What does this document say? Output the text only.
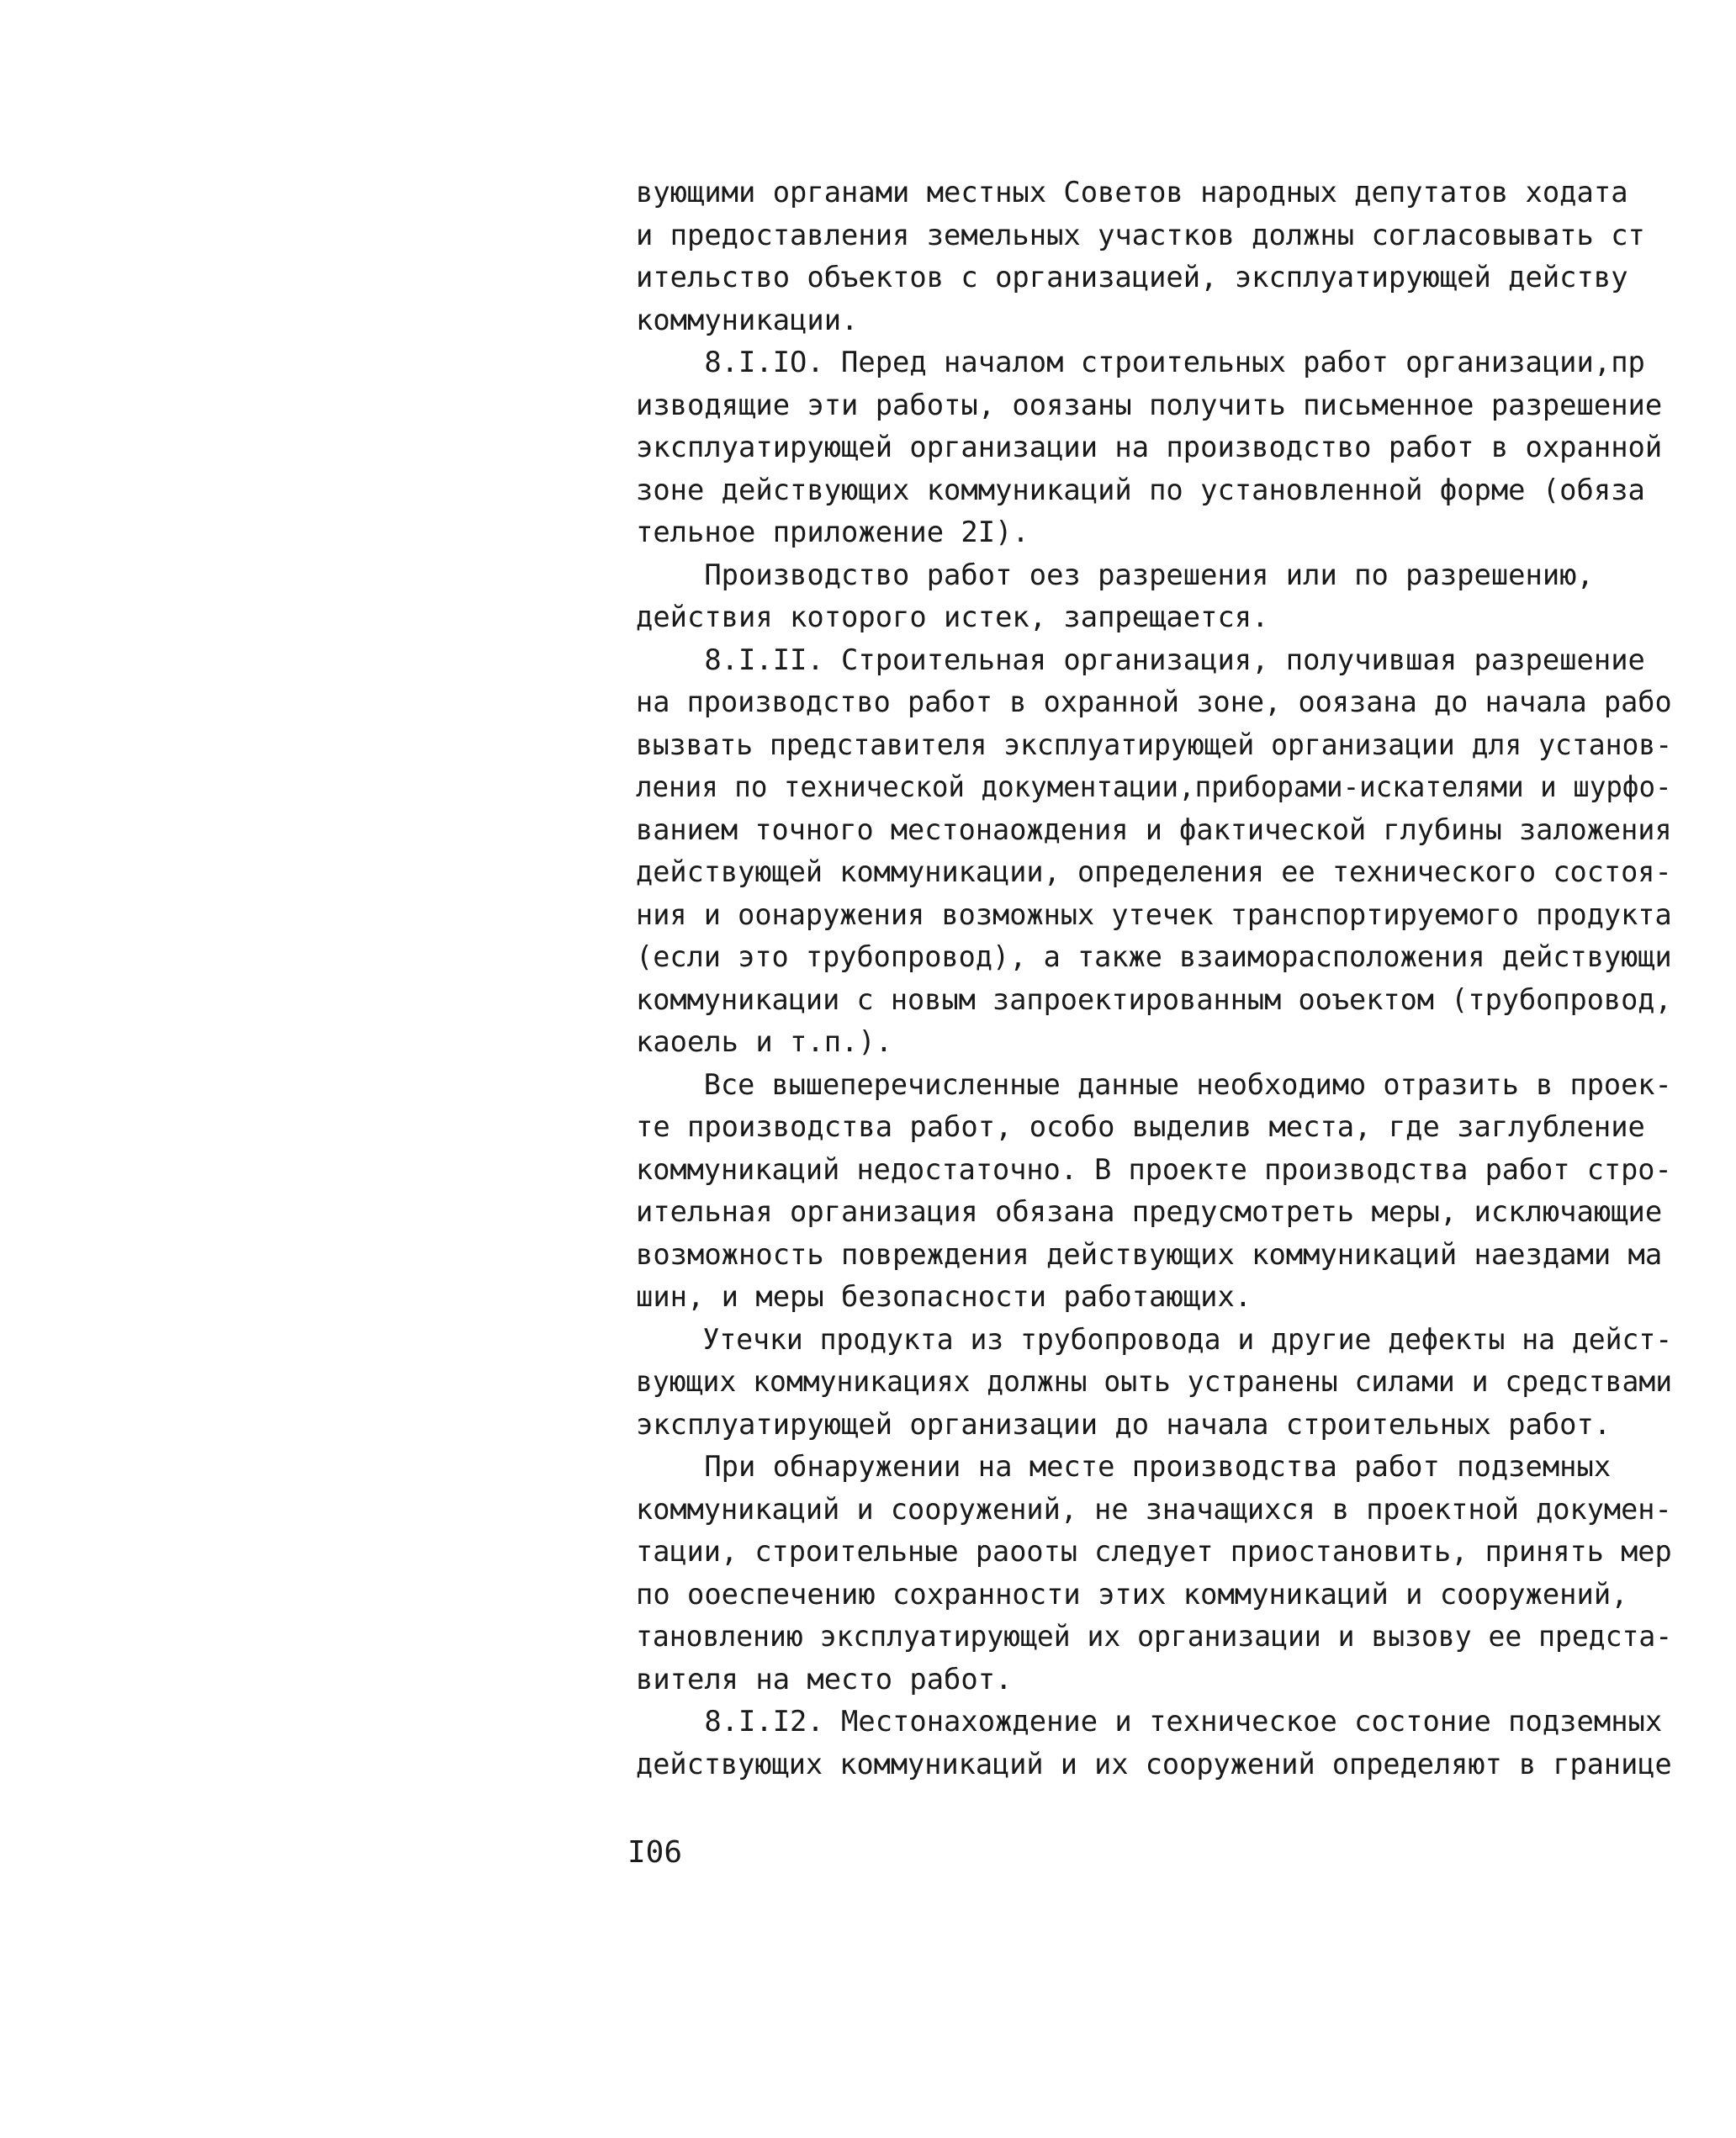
вующими органами местных Советов народных депутатов ходата
и предоставления земельных участков должны согласовывать ст
ительство объектов с организацией, эксплуатирующей действу
коммуникации.
8.I.IO. Перед началом строительных работ организации,пр
изводящие эти работы, ооязаны получить письменное разрешение
эксплуатирующей организации на производство работ в охранной
зоне действующих коммуникаций по установленной форме (обяза
тельное приложение 2I).
Производство работ оез разрешения или по разрешению,
действия которого истек, запрещается.
8.I.II. Строительная организация, получившая разрешение
на производство работ в охранной зоне, ооязана до начала рабо
вызвать представителя эксплуатирующей организации для установ-
ления по технической документации,приборами-искателями и шурфо-
ванием точного местонаождения и фактической глубины заложения
действующей коммуникации, определения ее технического состоя-
ния и оонаружения возможных утечек транспортируемого продукта
(если это трубопровод), а также взаиморасположения действующи
коммуникации с новым запроектированным ооъектом (трубопровод,
каоель и т.п.).
Все вышеперечисленные данные необходимо отразить в проек-
те производства работ, особо выделив места, где заглубление
коммуникаций недостаточно. В проекте производства работ стро-
ительная организация обязана предусмотреть меры, исключающие
возможность повреждения действующих коммуникаций наездами ма
шин, и меры безопасности работающих.
Утечки продукта из трубопровода и другие дефекты на дейст-
вующих коммуникациях должны оыть устранены силами и средствами
эксплуатирующей организации до начала строительных работ.
При обнаружении на месте производства работ подземных
коммуникаций и сооружений, не значащихся в проектной докумен-
тации, строительные раооты следует приостановить, принять мер
по ооеспечению сохранности этих коммуникаций и сооружений,
тановлению эксплуатирующей их организации и вызову ее предста-
вителя на место работ.
8.I.I2. Местонахождение и техническое состоние подземных
действующих коммуникаций и их сооружений определяют в границе
I06
